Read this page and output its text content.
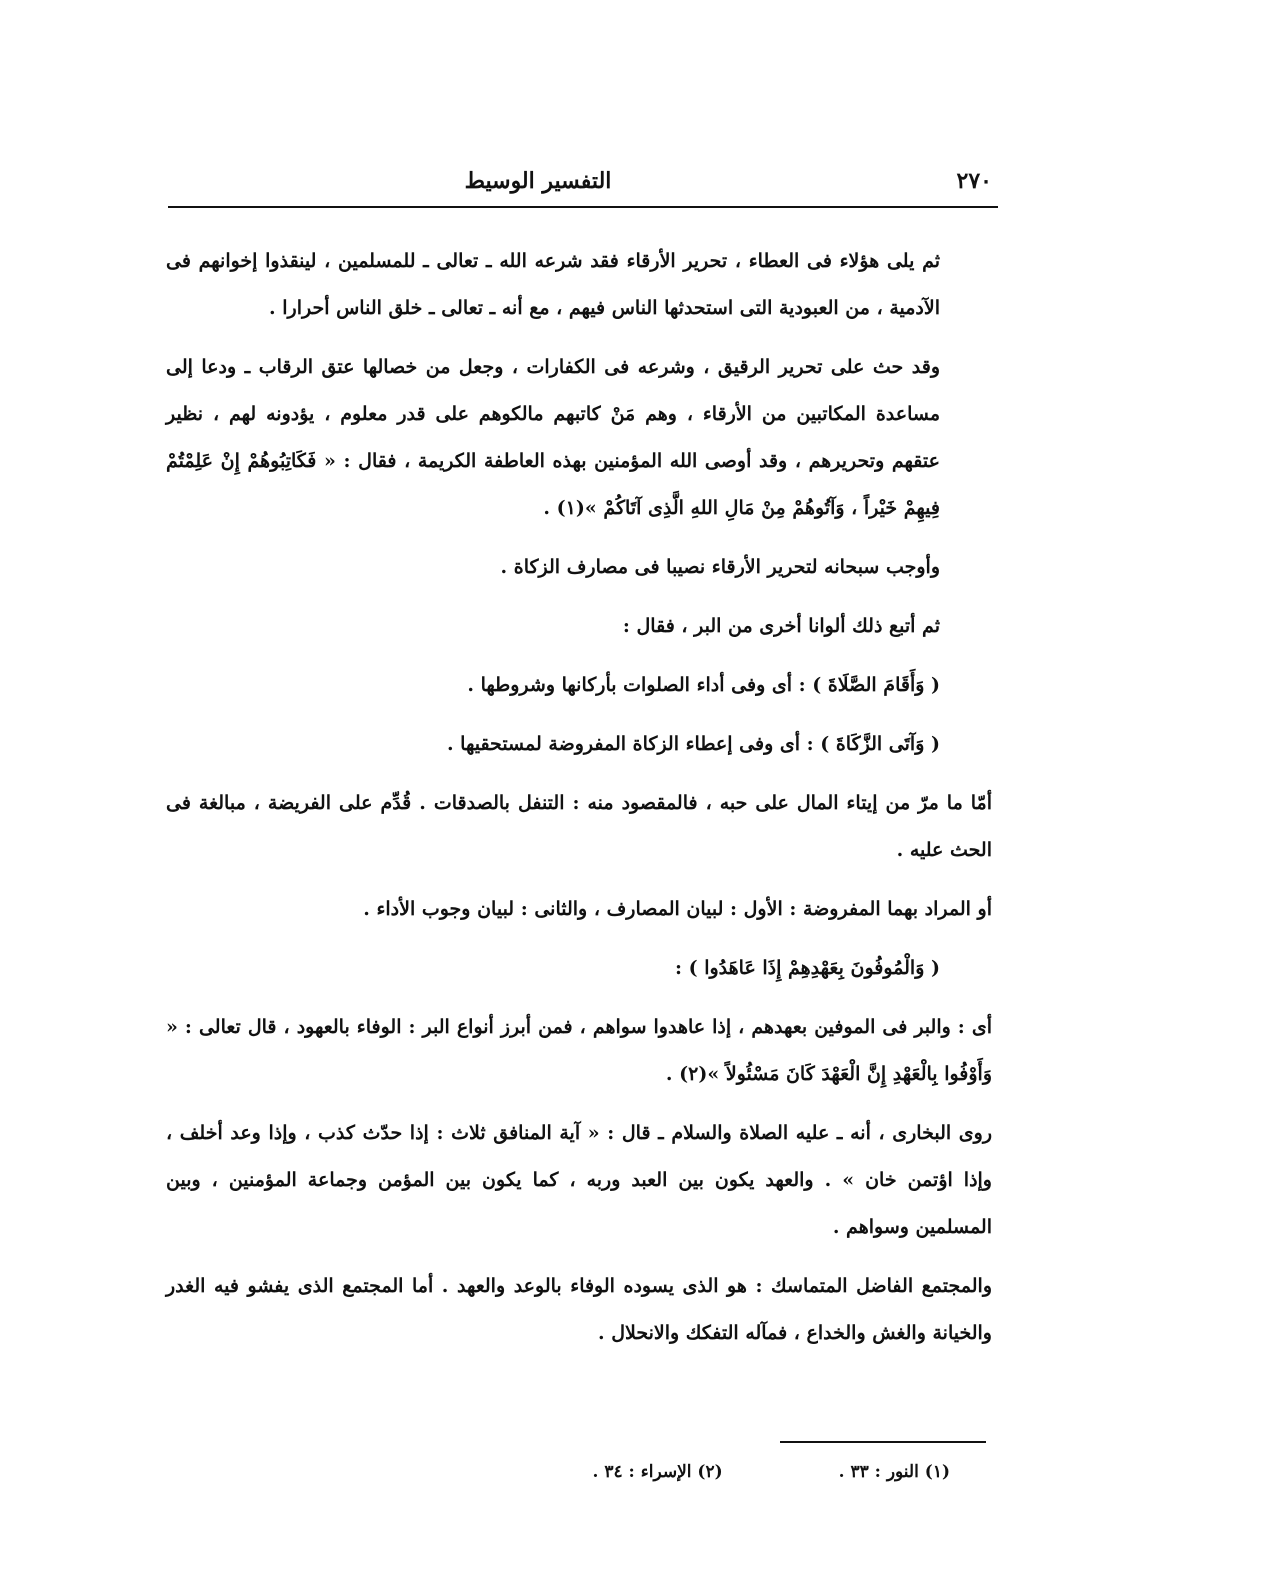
التفسير الوسيط	٢٧٠

ثم يلى هؤلاء فى العطاء ، تحرير الأرقاء فقد شرعه الله ـ تعالى ـ للمسلمين ، لينقذوا إخوانهم فى الآدمية ، من العبودية التى استحدثها الناس فيهم ، مع أنه ـ تعالى ـ خلق الناس أحرارا .

وقد حث على تحرير الرقيق ، وشرعه فى الكفارات ، وجعل من خصالها عتق الرقاب ـ ودعا إلى مساعدة المكاتبين من الأرقاء ، وهم مَنْ كاتبهم مالكوهم على قدر معلوم ، يؤدونه لهم ، نظير عتقهم وتحريرهم ، وقد أوصى الله المؤمنين بهذه العاطفة الكريمة ، فقال : « فَكَاتِبُوهُمْ إِنْ عَلِمْتُمْ فِيهِمْ خَيْراً ، وَآتُوهُمْ مِنْ مَالِ اللهِ الَّذِى آتَاكُمْ »(١) .

وأوجب سبحانه لتحرير الأرقاء نصيبا فى مصارف الزكاة .

ثم أتبع ذلك ألوانا أخرى من البر ، فقال :

( وَأَقَامَ الصَّلَاةَ ) : أى وفى أداء الصلوات بأركانها وشروطها .

( وَآتَى الزَّكَاةَ ) : أى وفى إعطاء الزكاة المفروضة لمستحقيها .

أمّا ما مرّ من إيتاء المال على حبه ، فالمقصود منه : التنفل بالصدقات . قُدِّم على الفريضة ، مبالغة فى الحث عليه .

أو المراد بهما المفروضة : الأول : لبيان المصارف ، والثانى : لبيان وجوب الأداء .

( وَالْمُوفُونَ بِعَهْدِهِمْ إِذَا عَاهَدُوا ) :

أى : والبر فى الموفين بعهدهم ، إذا عاهدوا سواهم ، فمن أبرز أنواع البر : الوفاء بالعهود ، قال تعالى : « وَأَوْفُوا بِالْعَهْدِ إِنَّ الْعَهْدَ كَانَ مَسْئُولاً »(٢) .

روى البخارى ، أنه ـ عليه الصلاة والسلام ـ قال : « آية المنافق ثلاث : إذا حدّث كذب ، وإذا وعد أخلف ، وإذا اؤتمن خان » . والعهد يكون بين العبد وربه ، كما يكون بين المؤمن وجماعة المؤمنين ، وبين المسلمين وسواهم .

والمجتمع الفاضل المتماسك : هو الذى يسوده الوفاء بالوعد والعهد . أما المجتمع الذى يفشو فيه الغدر والخيانة والغش والخداع ، فمآله التفكك والانحلال .

(١) النور : ٣٣ . (٢) الإسراء : ٣٤ .
